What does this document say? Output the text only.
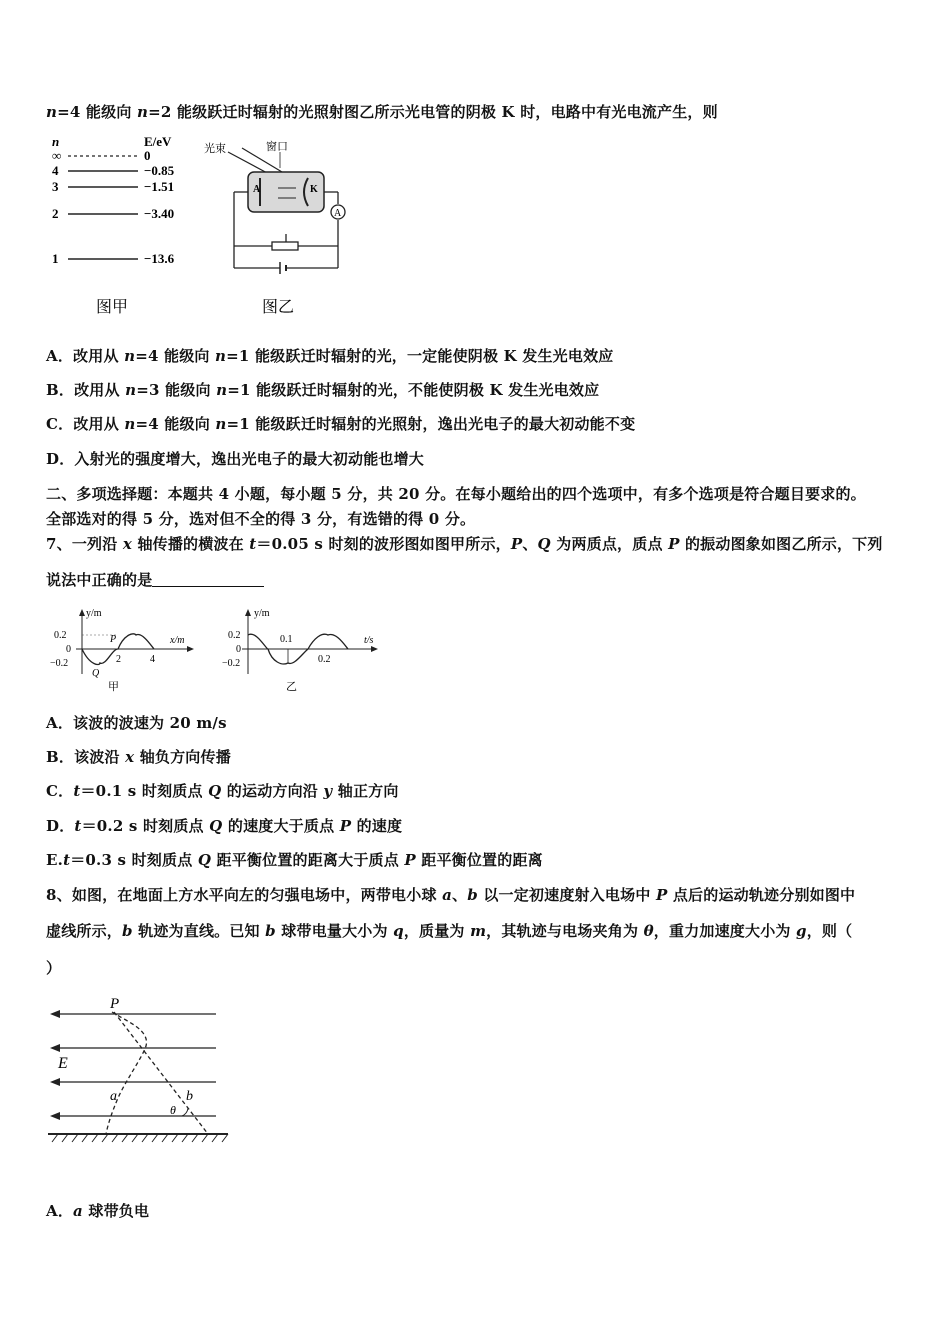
n=4 能级向 n=2 能级跃迁时辐射的光照射图乙所示光电管的阴极 K 时，电路中有光电流产生，则
n	E/eV
∞	0
4	−0.85
3	−1.51
2	−3.40
1	−13.6
图甲
光束	窗口
A	K
A
图乙
A．改用从 n=4 能级向 n=1 能级跃迁时辐射的光，一定能使阴极 K 发生光电效应
B．改用从 n=3 能级向 n=1 能级跃迁时辐射的光，不能使阴极 K 发生光电效应
C．改用从 n=4 能级向 n=1 能级跃迁时辐射的光照射，逸出光电子的最大初动能不变
D．入射光的强度增大，逸出光电子的最大初动能也增大
二、多项选择题：本题共 4 小题，每小题 5 分，共 20 分。在每小题给出的四个选项中，有多个选项是符合题目要求的。
全部选对的得 5 分，选对但不全的得 3 分，有选错的得 0 分。
7、一列沿 x 轴传播的横波在 t＝0.05 s 时刻的波形图如图甲所示，P、Q 为两质点，质点 P 的振动图象如图乙所示，下列
说法中正确的是
y/m
x/m
0.2
0
−0.2
P
2	4
Q
甲
y/m
t/s
0.2
0
−0.2
0.1
0.2
乙
A．该波的波速为 20 m/s
B．该波沿 x 轴负方向传播
C．t＝0.1 s 时刻质点 Q 的运动方向沿 y 轴正方向
D．t＝0.2 s 时刻质点 Q 的速度大于质点 P 的速度
E.t＝0.3 s 时刻质点 Q 距平衡位置的距离大于质点 P 距平衡位置的距离
8、如图，在地面上方水平向左的匀强电场中，两带电小球 a、b 以一定初速度射入电场中 P 点后的运动轨迹分别如图中
虚线所示，b 轨迹为直线。已知 b 球带电量大小为 q，质量为 m，其轨迹与电场夹角为 θ，重力加速度大小为 g，则（
）
P
E
a	b
θ
A．a 球带负电
